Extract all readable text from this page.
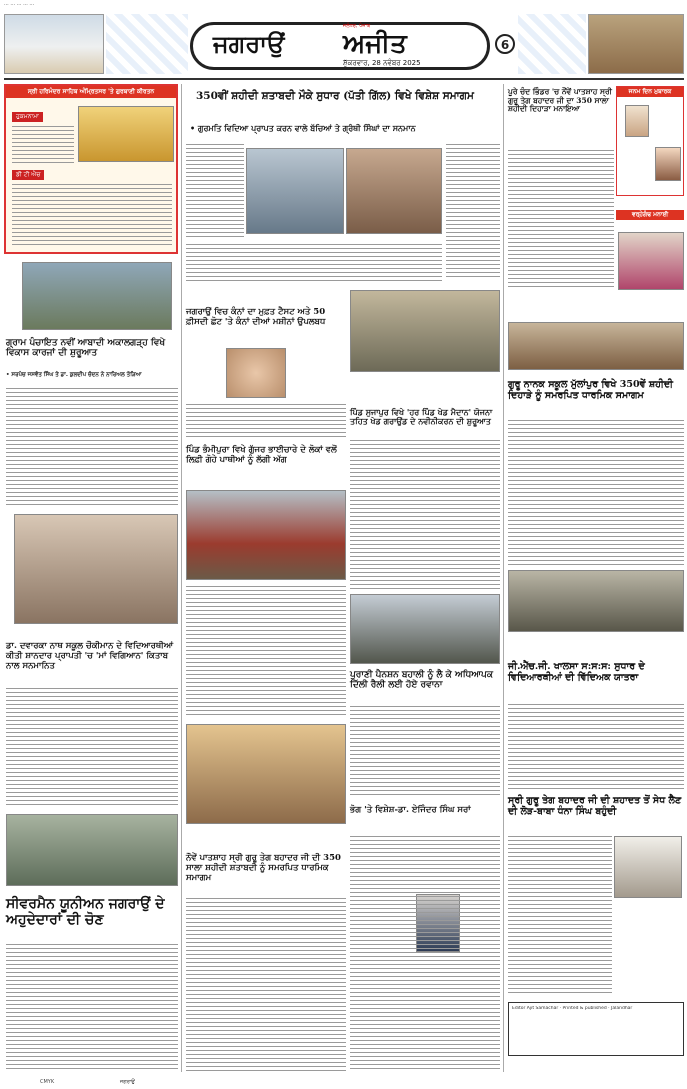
··· ··· ··· ··· ···
ਜਗਰਾਉਂ
ਜਲੰਧਰ, ਪੰਜਾਬ
ਅਜੀਤ
ਸ਼ੁੱਕਰਵਾਰ, 28 ਨਵੰਬਰ 2025
6
ਸ੍ਰੀ ਹਰਿਮੰਦਰ ਸਾਹਿਬ ਅੰਮ੍ਰਿਤਸਰ 'ਤੇ ਗੁਰਬਾਣੀ ਕੀਰਤਨ
ਹੁਕਮਨਾਮਾ
ਡੀ ਟੀ ਐਚ
ਗ੍ਰਾਮ ਪੰਚਾਇਤ ਨਵੀਂ ਆਬਾਦੀ ਅਕਾਲਗੜ੍ਹ ਵਿਖੇ ਵਿਕਾਸ ਕਾਰਜਾਂ ਦੀ ਸ਼ੁਰੂਆਤ
• ਸਰਪੰਚ ਜਸਵੰਤ ਸਿੰਘ ਤੇ ਡਾ. ਕੁਲਦੀਪ ਚੰਦਨ ਨੇ ਨਾਰਿਅਲ ਤੋੜਿਆ
ਡਾ. ਦਵਾਰਕਾ ਨਾਥ ਸਕੂਲ ਚੌਕੀਮਾਨ ਦੇ ਵਿਦਿਆਰਥੀਆਂ ਕੀਤੀ ਸ਼ਾਨਦਾਰ ਪ੍ਰਾਪਤੀ 'ਚ 'ਮਾਂ ਵਿਗਿਆਨ' ਕਿਤਾਬ ਨਾਲ ਸਨਮਾਨਿਤ
ਸੀਵਰਮੈਨ ਯੂਨੀਅਨ ਜਗਰਾਉਂ ਦੇ ਅਹੁਦੇਦਾਰਾਂ ਦੀ ਚੋਣ
350ਵੀਂ ਸ਼ਹੀਦੀ ਸ਼ਤਾਬਦੀ ਮੌਕੇ ਸੁਧਾਰ (ਪੱਤੀ ਗਿੱਲ) ਵਿਖੇ ਵਿਸ਼ੇਸ਼ ਸਮਾਗਮ
• ਗੁਰਮਤਿ ਵਿਦਿਆ ਪ੍ਰਾਪਤ ਕਰਨ ਵਾਲੇ ਬੱਚਿਆਂ ਤੇ ਗ੍ਰੰਥੀ ਸਿੰਘਾਂ ਦਾ ਸਨਮਾਨ
ਜਗਰਾਉਂ ਵਿਚ ਕੰਨਾਂ ਦਾ ਮੁਫ਼ਤ ਟੈਸਟ ਅਤੇ 50 ਫ਼ੀਸਦੀ ਛੋਟ 'ਤੇ ਕੰਨਾਂ ਦੀਆਂ ਮਸ਼ੀਨਾਂ ਉਪਲਬਧ
ਪਿੰਡ ਭੰਮੀਪੁਰਾ ਵਿਖੇ ਗੁੱਜਰ ਭਾਈਚਾਰੇ ਦੇ ਲੋਕਾਂ ਵਲੋਂ ਲਿਫ਼ੀ ਗੋਹੇ ਪਾਥੀਆਂ ਨੂੰ ਲੱਗੀ ਅੱਗ
ਪਿੰਡ ਸੁਜਾਪੁਰ ਵਿਖੇ 'ਹਰ ਪਿੰਡ ਖੇਡ ਮੈਦਾਨ' ਯੋਜਨਾ ਤਹਿਤ ਖੇਡ ਗਰਾਉਂਡ ਦੇ ਨਵੀਨੀਕਰਨ ਦੀ ਸ਼ੁਰੂਆਤ
ਪੁਰਾਣੀ ਪੈਨਸ਼ਨ ਬਹਾਲੀ ਨੂੰ ਲੈ ਕੇ ਅਧਿਆਪਕ ਦਿੱਲੀ ਰੈਲੀ ਲਈ ਹੋਏ ਰਵਾਨਾ
ਭੋਗ 'ਤੇ ਵਿਸ਼ੇਸ਼-ਡਾ. ਏਜਿੰਦਰ ਸਿੰਘ ਸਰਾਂ
ਨੌਵੇਂ ਪਾਤਸ਼ਾਹ ਸ੍ਰੀ ਗੁਰੂ ਤੇਗ ਬਹਾਦਰ ਜੀ ਦੀ 350 ਸਾਲਾ ਸ਼ਹੀਦੀ ਸ਼ਤਾਬਦੀ ਨੂੰ ਸਮਰਪਿਤ ਧਾਰਮਿਕ ਸਮਾਗਮ
ਪੂਰੇ ਚੰਦ ਭਿੰਡਰ 'ਚ ਨੌਂਵੇਂ ਪਾਤਸ਼ਾਹ ਸ੍ਰੀ ਗੁਰੂ ਤੇਗ ਬਹਾਦਰ ਜੀ ਦਾ 350 ਸਾਲਾ ਸ਼ਹੀਦੀ ਦਿਹਾੜਾ ਮਨਾਇਆ
ਜਨਮ ਦਿਨ ਮੁਬਾਰਕ
ਵਰ੍ਹੇਗੰਢ ਮਨਾਈ
ਗੁਰੂ ਨਾਨਕ ਸਕੂਲ ਮੁੱਲਾਂਪੁਰ ਵਿਖੇ 350ਵੇਂ ਸ਼ਹੀਦੀ ਦਿਹਾੜੇ ਨੂੰ ਸਮਰਪਿਤ ਧਾਰਮਿਕ ਸਮਾਗਮ
ਜੀ.ਐੱਚ.ਜੀ. ਖਾਲਸਾ ਸ:ਸ:ਸ: ਸੁਧਾਰ ਦੇ ਵਿਦਿਆਰਥੀਆਂ ਦੀ ਵਿੱਦਿਅਕ ਯਾਤਰਾ
ਸ੍ਰੀ ਗੁਰੂ ਤੇਗ ਬਹਾਦਰ ਜੀ ਦੀ ਸ਼ਹਾਦਤ ਤੋਂ ਸੇਧ ਲੈਣ ਦੀ ਲੋੜ-ਬਾਬਾ ਧੰਨਾ ਸਿੰਘ ਬਹੁੰਦੀ
Editor Ajit Samachar · Printed & published · Jalandhar
CMYK	ਜਗਰਾਉਂ
